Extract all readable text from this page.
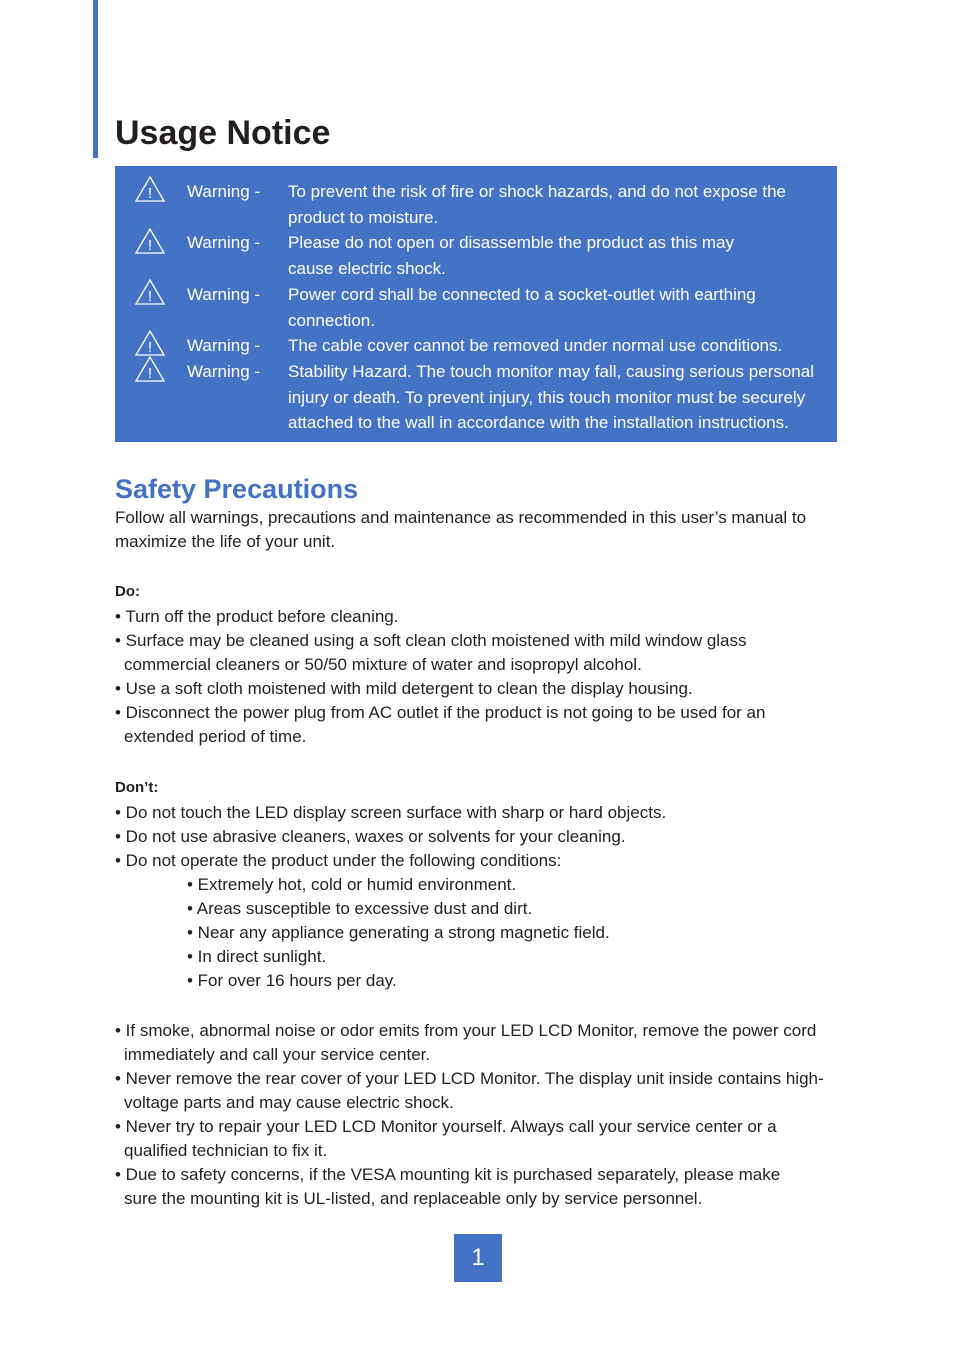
Usage Notice
! Warning - To prevent the risk of fire or shock hazards, and do not expose the product to moisture.
! Warning - Please do not open or disassemble the product as this may cause electric shock.
! Warning - Power cord shall be connected to a socket-outlet with earthing connection.
! Warning - The cable cover cannot be removed under normal use conditions.
! Warning - Stability Hazard. The touch monitor may fall, causing serious personal injury or death. To prevent injury, this touch monitor must be securely attached to the wall in accordance with the installation instructions.
Safety Precautions
Follow all warnings, precautions and maintenance as recommended in this user’s manual to maximize the life of your unit.
Do:
• Turn off the product before cleaning.
• Surface may be cleaned using a soft clean cloth moistened with mild window glass commercial cleaners or 50/50 mixture of water and isopropyl alcohol.
• Use a soft cloth moistened with mild detergent to clean the display housing.
• Disconnect the power plug from AC outlet if the product is not going to be used for an extended period of time.
Don’t:
• Do not touch the LED display screen surface with sharp or hard objects.
• Do not use abrasive cleaners, waxes or solvents for your cleaning.
• Do not operate the product under the following conditions:
• Extremely hot, cold or humid environment.
• Areas susceptible to excessive dust and dirt.
• Near any appliance generating a strong magnetic field.
• In direct sunlight.
• For over 16 hours per day.
• If smoke, abnormal noise or odor emits from your LED LCD Monitor, remove the power cord immediately and call your service center.
• Never remove the rear cover of your LED LCD Monitor. The display unit inside contains high-voltage parts and may cause electric shock.
• Never try to repair your LED LCD Monitor yourself. Always call your service center or a qualified technician to fix it.
• Due to safety concerns, if the VESA mounting kit is purchased separately, please make sure the mounting kit is UL-listed, and replaceable only by service personnel.
1
